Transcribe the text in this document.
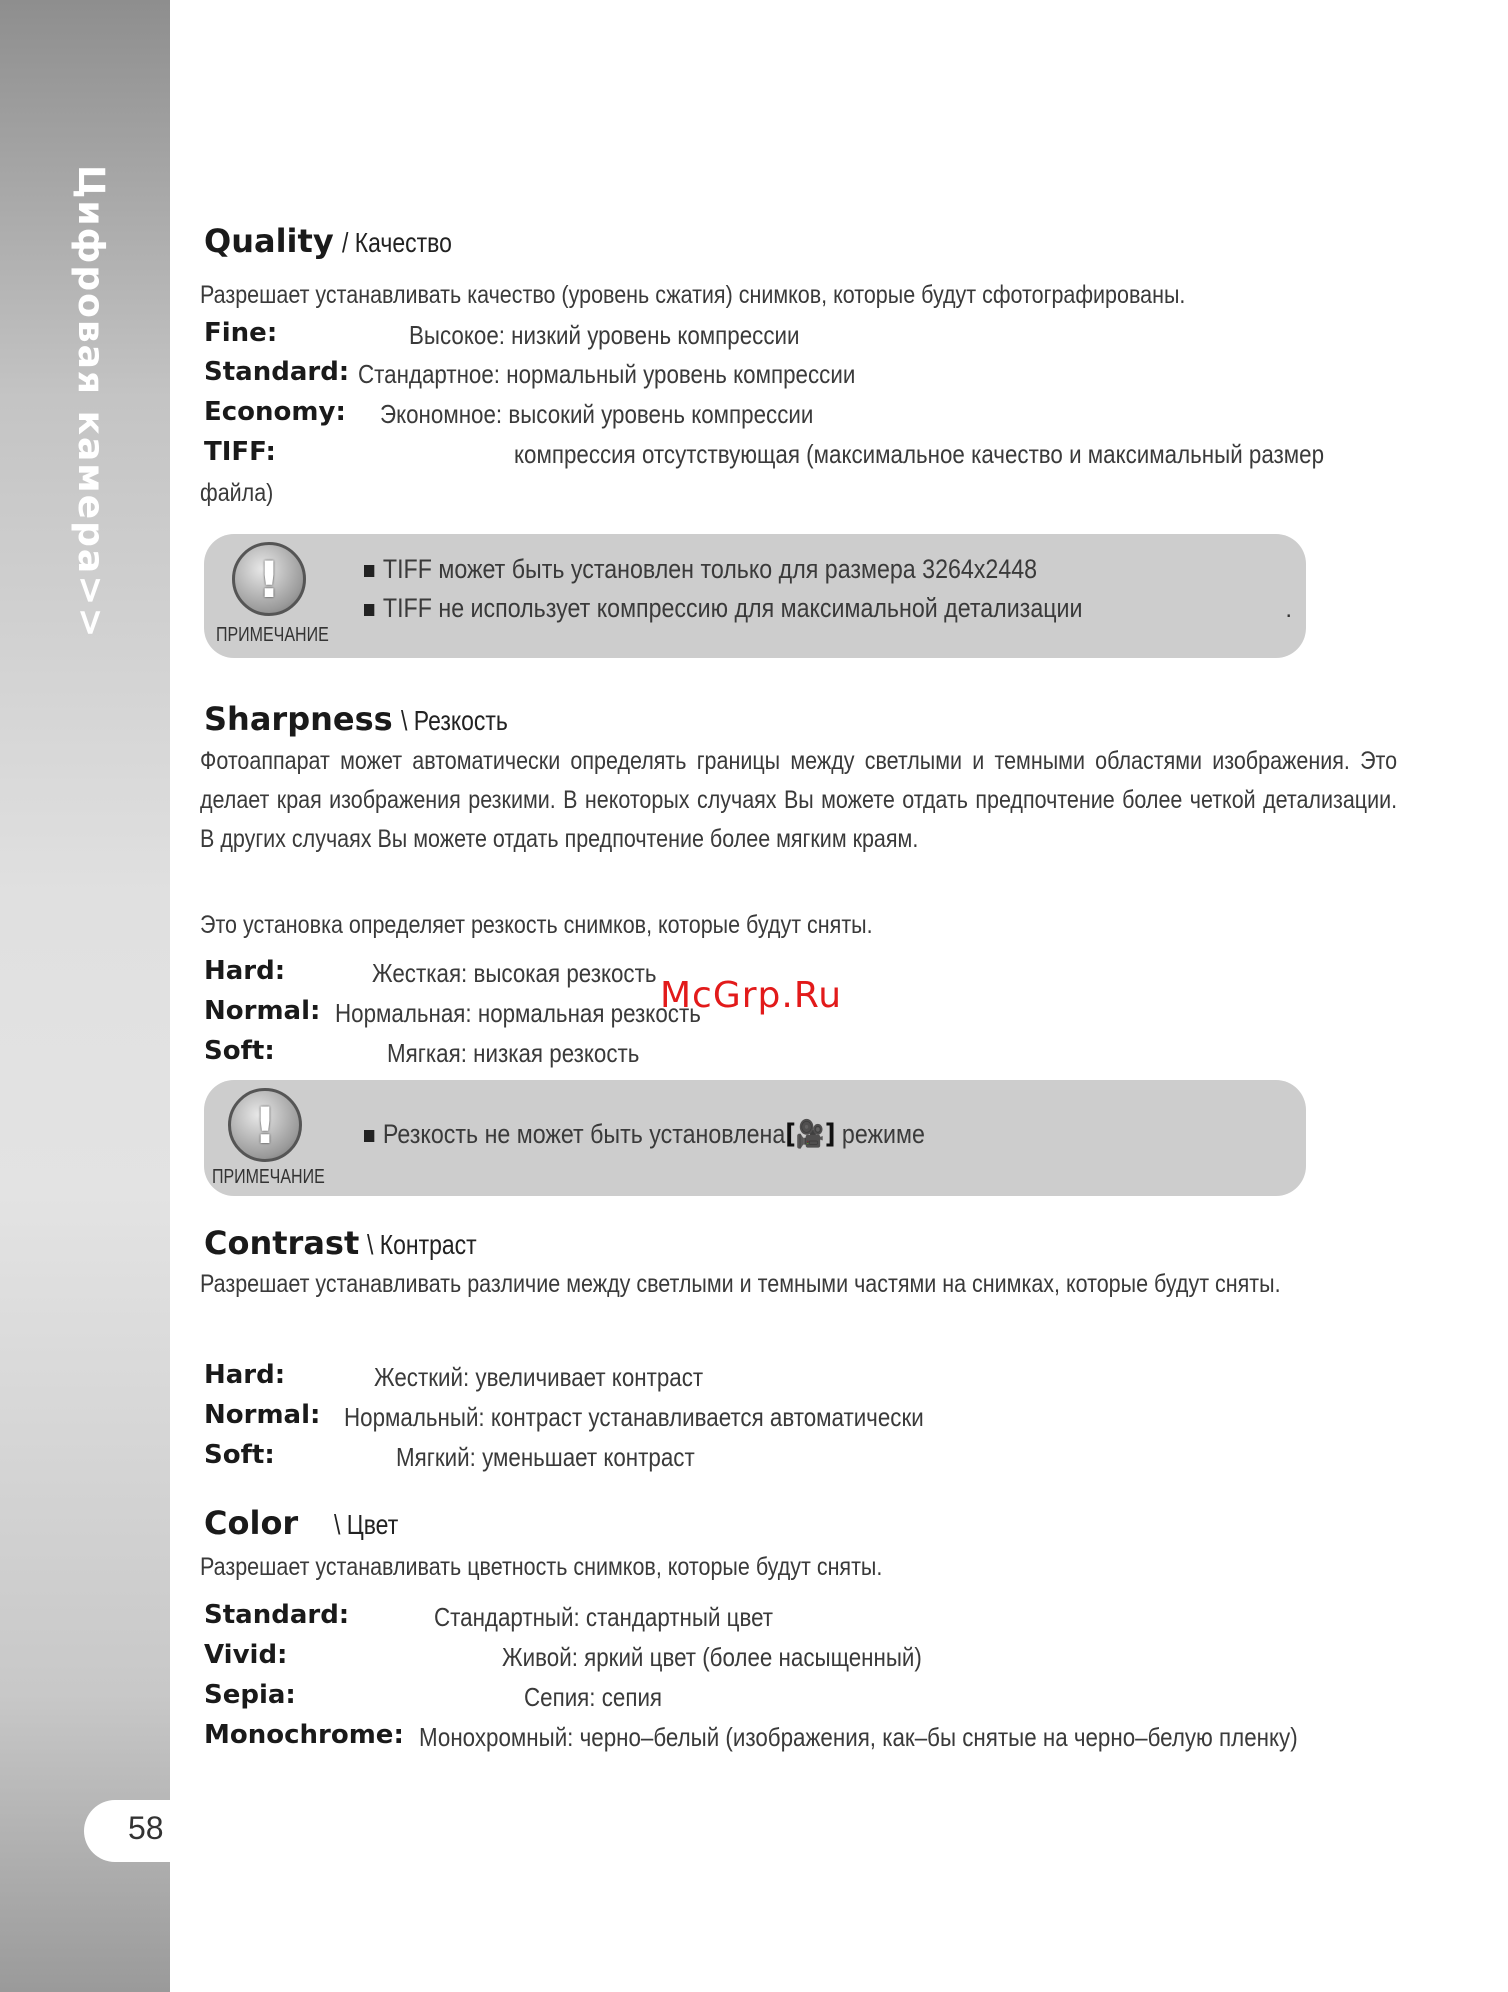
Цифровая камера>>
58
Quality / Качество
Разрешает устанавливать качество (уровень сжатия) снимков, которые будут сфотографированы.
Fine:	Высокое: низкий уровень компрессии
Standard: Стандартное: нормальный уровень компрессии
Economy: Экономное: высокий уровень компрессии
TIFF:	компрессия отсутствующая (максимальное качество и максимальный размер
файла)
!
ПРИМЕЧАНИЕ
TIFF может быть установлен только для размера 3264x2448
TIFF не использует компрессию для максимальной детализации	.
Sharpness \ Резкость
Фотоаппарат может автоматически определять границы между светлыми и темными областями изображения. Это делает края изображения резкими. В некоторых случаях Вы можете отдать предпочтение более четкой детализации. В других случаях Вы можете отдать предпочтение более мягким краям.
Это установка определяет резкость снимков, которые будут сняты.
Hard:	Жесткая: высокая резкость
Normal: Нормальная: нормальная резкость
Soft:	Мягкая: низкая резкость
!
ПРИМЕЧАНИЕ
Резкость не может быть установлена[🎥] режиме
McGrp.Ru
Contrast \ Контраст
Разрешает устанавливать различие между светлыми и темными частями на снимках, которые будут сняты.
Hard:	Жесткий: увеличивает контраст
Normal: Нормальный: контраст устанавливается автоматически
Soft:	Мягкий: уменьшает контраст
Color \ Цвет
Разрешает устанавливать цветность снимков, которые будут сняты.
Standard:	Стандартный: стандартный цвет
Vivid:	Живой: яркий цвет (более насыщенный)
Sepia:	Сепия: сепия
Monochrome: Монохромный: черно–белый (изображения, как–бы снятые на черно–белую пленку)
